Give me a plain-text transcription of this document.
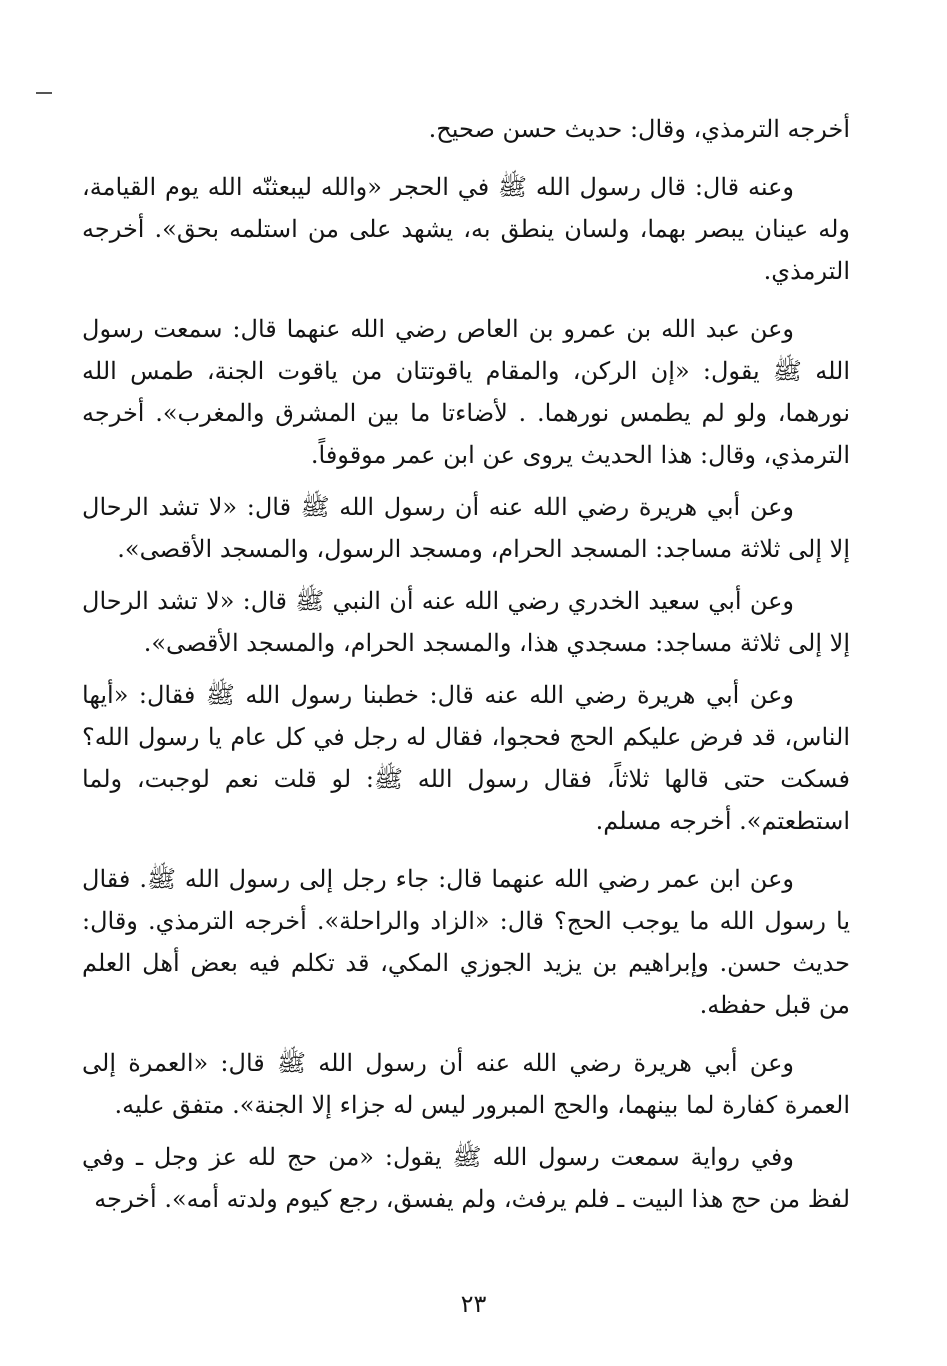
أخرجه الترمذي، وقال: حديث حسن صحيح.

وعنه قال: قال رسول الله ﷺ في الحجر «والله ليبعثنّه الله يوم القيامة، وله عينان يبصر بهما، ولسان ينطق به، يشهد على من استلمه بحق». أخرجه الترمذي.

وعن عبد الله بن عمرو بن العاص رضي الله عنهما قال: سمعت رسول الله ﷺ يقول: «إن الركن، والمقام ياقوتتان من ياقوت الجنة، طمس الله نورهما، ولو لم يطمس نورهما. . لأضاءتا ما بين المشرق والمغرب». أخرجه الترمذي، وقال: هذا الحديث يروى عن ابن عمر موقوفاً.

وعن أبي هريرة رضي الله عنه أن رسول الله ﷺ قال: «لا تشد الرحال إلا إلى ثلاثة مساجد: المسجد الحرام، ومسجد الرسول، والمسجد الأقصى».

وعن أبي سعيد الخدري رضي الله عنه أن النبي ﷺ قال: «لا تشد الرحال إلا إلى ثلاثة مساجد: مسجدي هذا، والمسجد الحرام، والمسجد الأقصى».

وعن أبي هريرة رضي الله عنه قال: خطبنا رسول الله ﷺ فقال: «أيها الناس، قد فرض عليكم الحج فحجوا، فقال له رجل في كل عام يا رسول الله؟ فسكت حتى قالها ثلاثاً، فقال رسول الله ﷺ: لو قلت نعم لوجبت، ولما استطعتم». أخرجه مسلم.

وعن ابن عمر رضي الله عنهما قال: جاء رجل إلى رسول الله ﷺ. فقال يا رسول الله ما يوجب الحج؟ قال: «الزاد والراحلة». أخرجه الترمذي. وقال: حديث حسن. وإبراهيم بن يزيد الجوزي المكي، قد تكلم فيه بعض أهل العلم من قبل حفظه.

وعن أبي هريرة رضي الله عنه أن رسول الله ﷺ قال: «العمرة إلى العمرة كفارة لما بينهما، والحج المبرور ليس له جزاء إلا الجنة». متفق عليه.

وفي رواية سمعت رسول الله ﷺ يقول: «من حج لله عز وجل ـ وفي لفظ من حج هذا البيت ـ فلم يرفث، ولم يفسق، رجع كيوم ولدته أمه». أخرجه

٢٣
